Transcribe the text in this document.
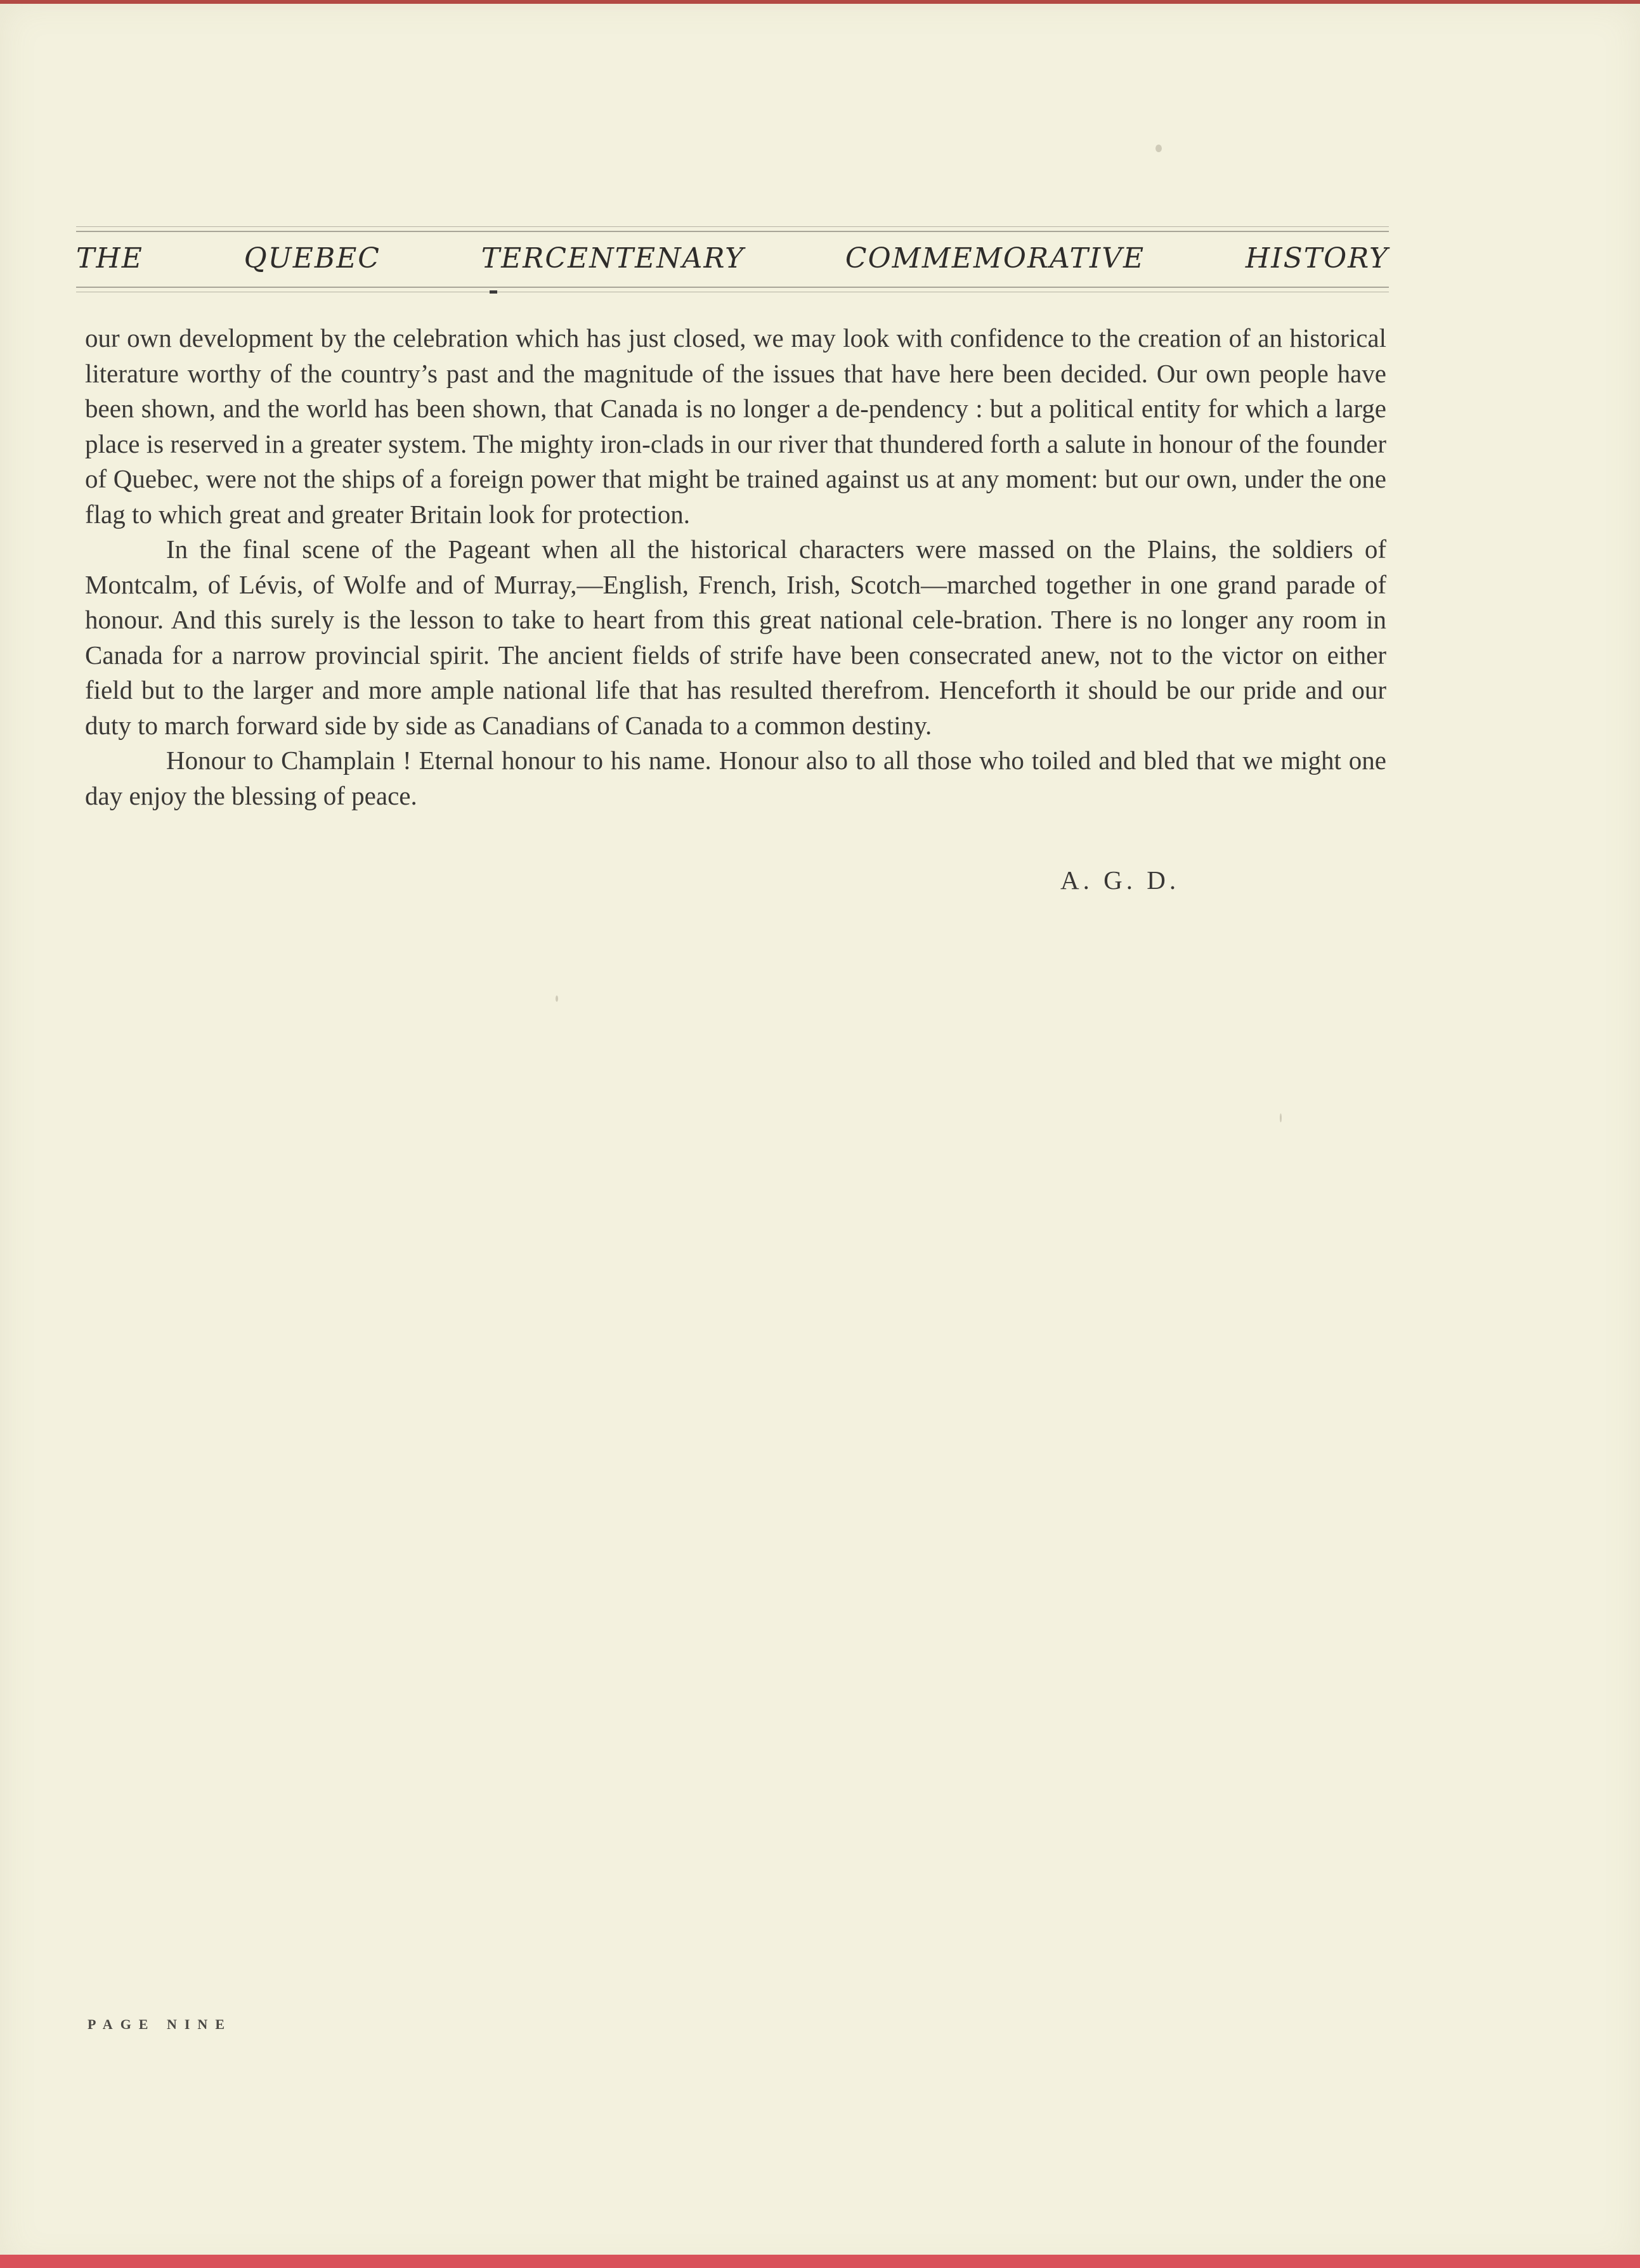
THE QUEBEC TERCENTENARY COMMEMORATIVE HISTORY

our own development by the celebration which has just closed, we may look with confidence to the creation of an historical literature worthy of the country’s past and the magnitude of the issues that have here been decided. Our own people have been shown, and the world has been shown, that Canada is no longer a de-pendency : but a political entity for which a large place is reserved in a greater system. The mighty iron-clads in our river that thundered forth a salute in honour of the founder of Quebec, were not the ships of a foreign power that might be trained against us at any moment: but our own, under the one flag to which great and greater Britain look for protection.

In the final scene of the Pageant when all the historical characters were massed on the Plains, the soldiers of Montcalm, of Lévis, of Wolfe and of Murray,—English, French, Irish, Scotch—marched together in one grand parade of honour. And this surely is the lesson to take to heart from this great national cele-bration. There is no longer any room in Canada for a narrow provincial spirit. The ancient fields of strife have been consecrated anew, not to the victor on either field but to the larger and more ample national life that has resulted therefrom. Henceforth it should be our pride and our duty to march forward side by side as Canadians of Canada to a common destiny.

Honour to Champlain ! Eternal honour to his name. Honour also to all those who toiled and bled that we might one day enjoy the blessing of peace.

A. G. D.
PAGE NINE
